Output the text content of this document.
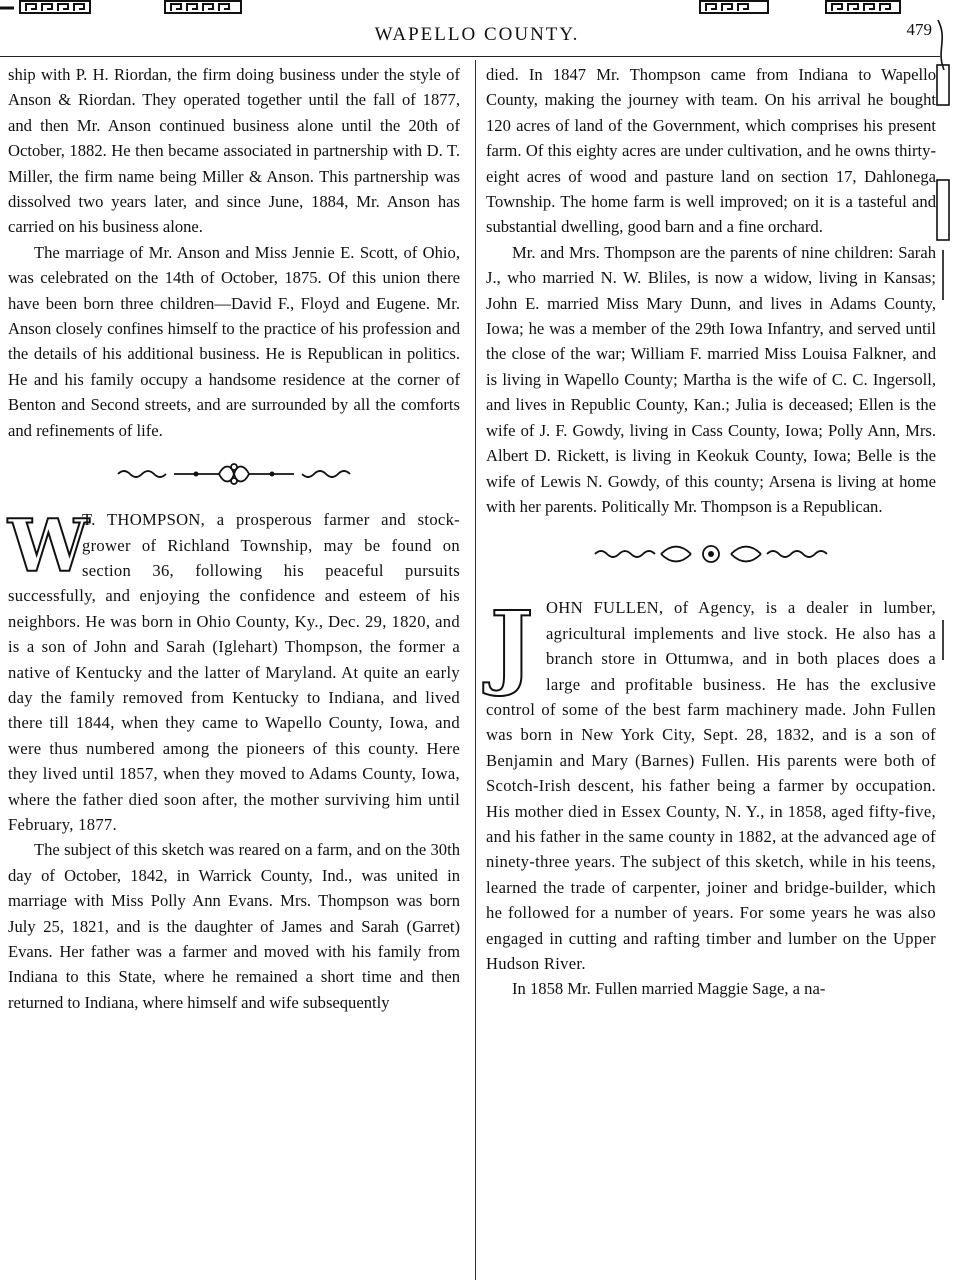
WAPELLO COUNTY.	479

ship with P. H. Riordan, the firm doing business under the style of Anson & Riordan. They operated together until the fall of 1877, and then Mr. Anson continued business alone until the 20th of October, 1882. He then became associated in partnership with D. T. Miller, the firm name being Miller & Anson. This partnership was dissolved two years later, and since June, 1884, Mr. Anson has carried on his business alone.

The marriage of Mr. Anson and Miss Jennie E. Scott, of Ohio, was celebrated on the 14th of October, 1875. Of this union there have been born three children—David F., Floyd and Eugene. Mr. Anson closely confines himself to the practice of his profession and the details of his additional business. He is Republican in politics. He and his family occupy a handsome residence at the corner of Benton and Second streets, and are surrounded by all the comforts and refinements of life.

W

T. THOMPSON, a prosperous farmer and stock-grower of Richland Township, may be found on section 36, following his peaceful pursuits successfully, and enjoying the confidence and esteem of his neighbors. He was born in Ohio County, Ky., Dec. 29, 1820, and is a son of John and Sarah (Iglehart) Thompson, the former a native of Kentucky and the latter of Maryland. At quite an early day the family removed from Kentucky to Indiana, and lived there till 1844, when they came to Wapello County, Iowa, and were thus numbered among the pioneers of this county. Here they lived until 1857, when they moved to Adams County, Iowa, where the father died soon after, the mother surviving him until February, 1877.

The subject of this sketch was reared on a farm, and on the 30th day of October, 1842, in Warrick County, Ind., was united in marriage with Miss Polly Ann Evans. Mrs. Thompson was born July 25, 1821, and is the daughter of James and Sarah (Garret) Evans. Her father was a farmer and moved with his family from Indiana to this State, where he remained a short time and then returned to Indiana, where himself and wife subsequently

died. In 1847 Mr. Thompson came from Indiana to Wapello County, making the journey with team. On his arrival he bought 120 acres of land of the Government, which comprises his present farm. Of this eighty acres are under cultivation, and he owns thirty-eight acres of wood and pasture land on section 17, Dahlonega Township. The home farm is well improved; on it is a tasteful and substantial dwelling, good barn and a fine orchard.

Mr. and Mrs. Thompson are the parents of nine children: Sarah J., who married N. W. Bliles, is now a widow, living in Kansas; John E. married Miss Mary Dunn, and lives in Adams County, Iowa; he was a member of the 29th Iowa Infantry, and served until the close of the war; William F. married Miss Louisa Falkner, and is living in Wapello County; Martha is the wife of C. C. Ingersoll, and lives in Republic County, Kan.; Julia is deceased; Ellen is the wife of J. F. Gowdy, living in Cass County, Iowa; Polly Ann, Mrs. Albert D. Rickett, is living in Keokuk County, Iowa; Belle is the wife of Lewis N. Gowdy, of this county; Arsena is living at home with her parents. Politically Mr. Thompson is a Republican.

J OHN FULLEN, of Agency, is a dealer in lumber, agricultural implements and live stock. He also has a branch store in Ottumwa, and in both places does a large and profitable business. He has the exclusive control of some of the best farm machinery made. John Fullen was born in New York City, Sept. 28, 1832, and is a son of Benjamin and Mary (Barnes) Fullen. His parents were both of Scotch-Irish descent, his father being a farmer by occupation. His mother died in Essex County, N. Y., in 1858, aged fifty-five, and his father in the same county in 1882, at the advanced age of ninety-three years. The subject of this sketch, while in his teens, learned the trade of carpenter, joiner and bridge-builder, which he followed for a number of years. For some years he was also engaged in cutting and rafting timber and lumber on the Upper Hudson River.

In 1858 Mr. Fullen married Maggie Sage, a na-
